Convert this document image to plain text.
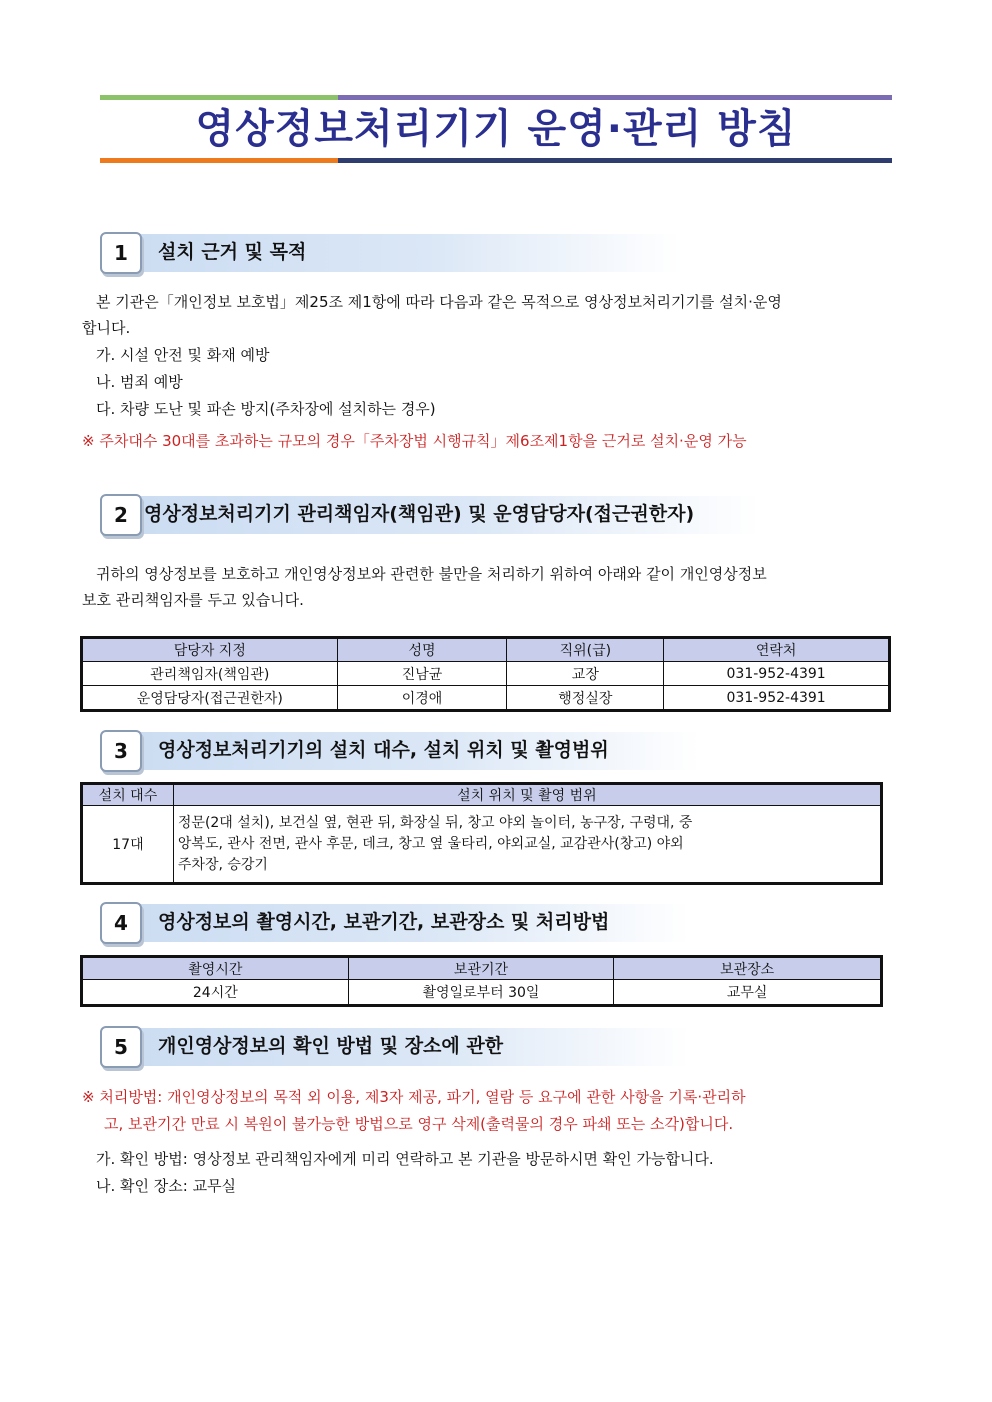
영상정보처리기기 운영·관리 방침
1	설치 근거 및 목적
본 기관은「개인정보 보호법」제25조 제1항에 따라 다음과 같은 목적으로 영상정보처리기기를 설치·운영
합니다.
가. 시설 안전 및 화재 예방
나. 범죄 예방
다. 차량 도난 및 파손 방지(주차장에 설치하는 경우)
※ 주차대수 30대를 초과하는 규모의 경우「주차장법 시행규칙」제6조제1항을 근거로 설치·운영 가능
2 영상정보처리기기 관리책임자(책임관) 및 운영담당자(접근권한자)
귀하의 영상정보를 보호하고 개인영상정보와 관련한 불만을 처리하기 위하여 아래와 같이 개인영상정보
보호 관리책임자를 두고 있습니다.
담당자 지정	성명	직위(급)	연락처
관리책임자(책임관)	진남균	교장	031-952-4391
운영담당자(접근권한자)	이경애	행정실장	031-952-4391
3	영상정보처리기기의 설치 대수, 설치 위치 및 촬영범위
설치 대수	설치 위치 및 촬영 범위
17대	정문(2대 설치), 보건실 옆, 현관 뒤, 화장실 뒤, 창고 야외 놀이터, 농구장, 구령대, 중
앙복도, 관사 전면, 관사 후문, 데크, 창고 옆 울타리, 야외교실, 교감관사(창고) 야외
주차장, 승강기
4	영상정보의 촬영시간, 보관기간, 보관장소 및 처리방법
촬영시간	보관기간	보관장소
24시간	촬영일로부터 30일	교무실
5	개인영상정보의 확인 방법 및 장소에 관한
※ 처리방법: 개인영상정보의 목적 외 이용, 제3자 제공, 파기, 열람 등 요구에 관한 사항을 기록·관리하
고, 보관기간 만료 시 복원이 불가능한 방법으로 영구 삭제(출력물의 경우 파쇄 또는 소각)합니다.
가. 확인 방법: 영상정보 관리책임자에게 미리 연락하고 본 기관을 방문하시면 확인 가능합니다.
나. 확인 장소: 교무실
